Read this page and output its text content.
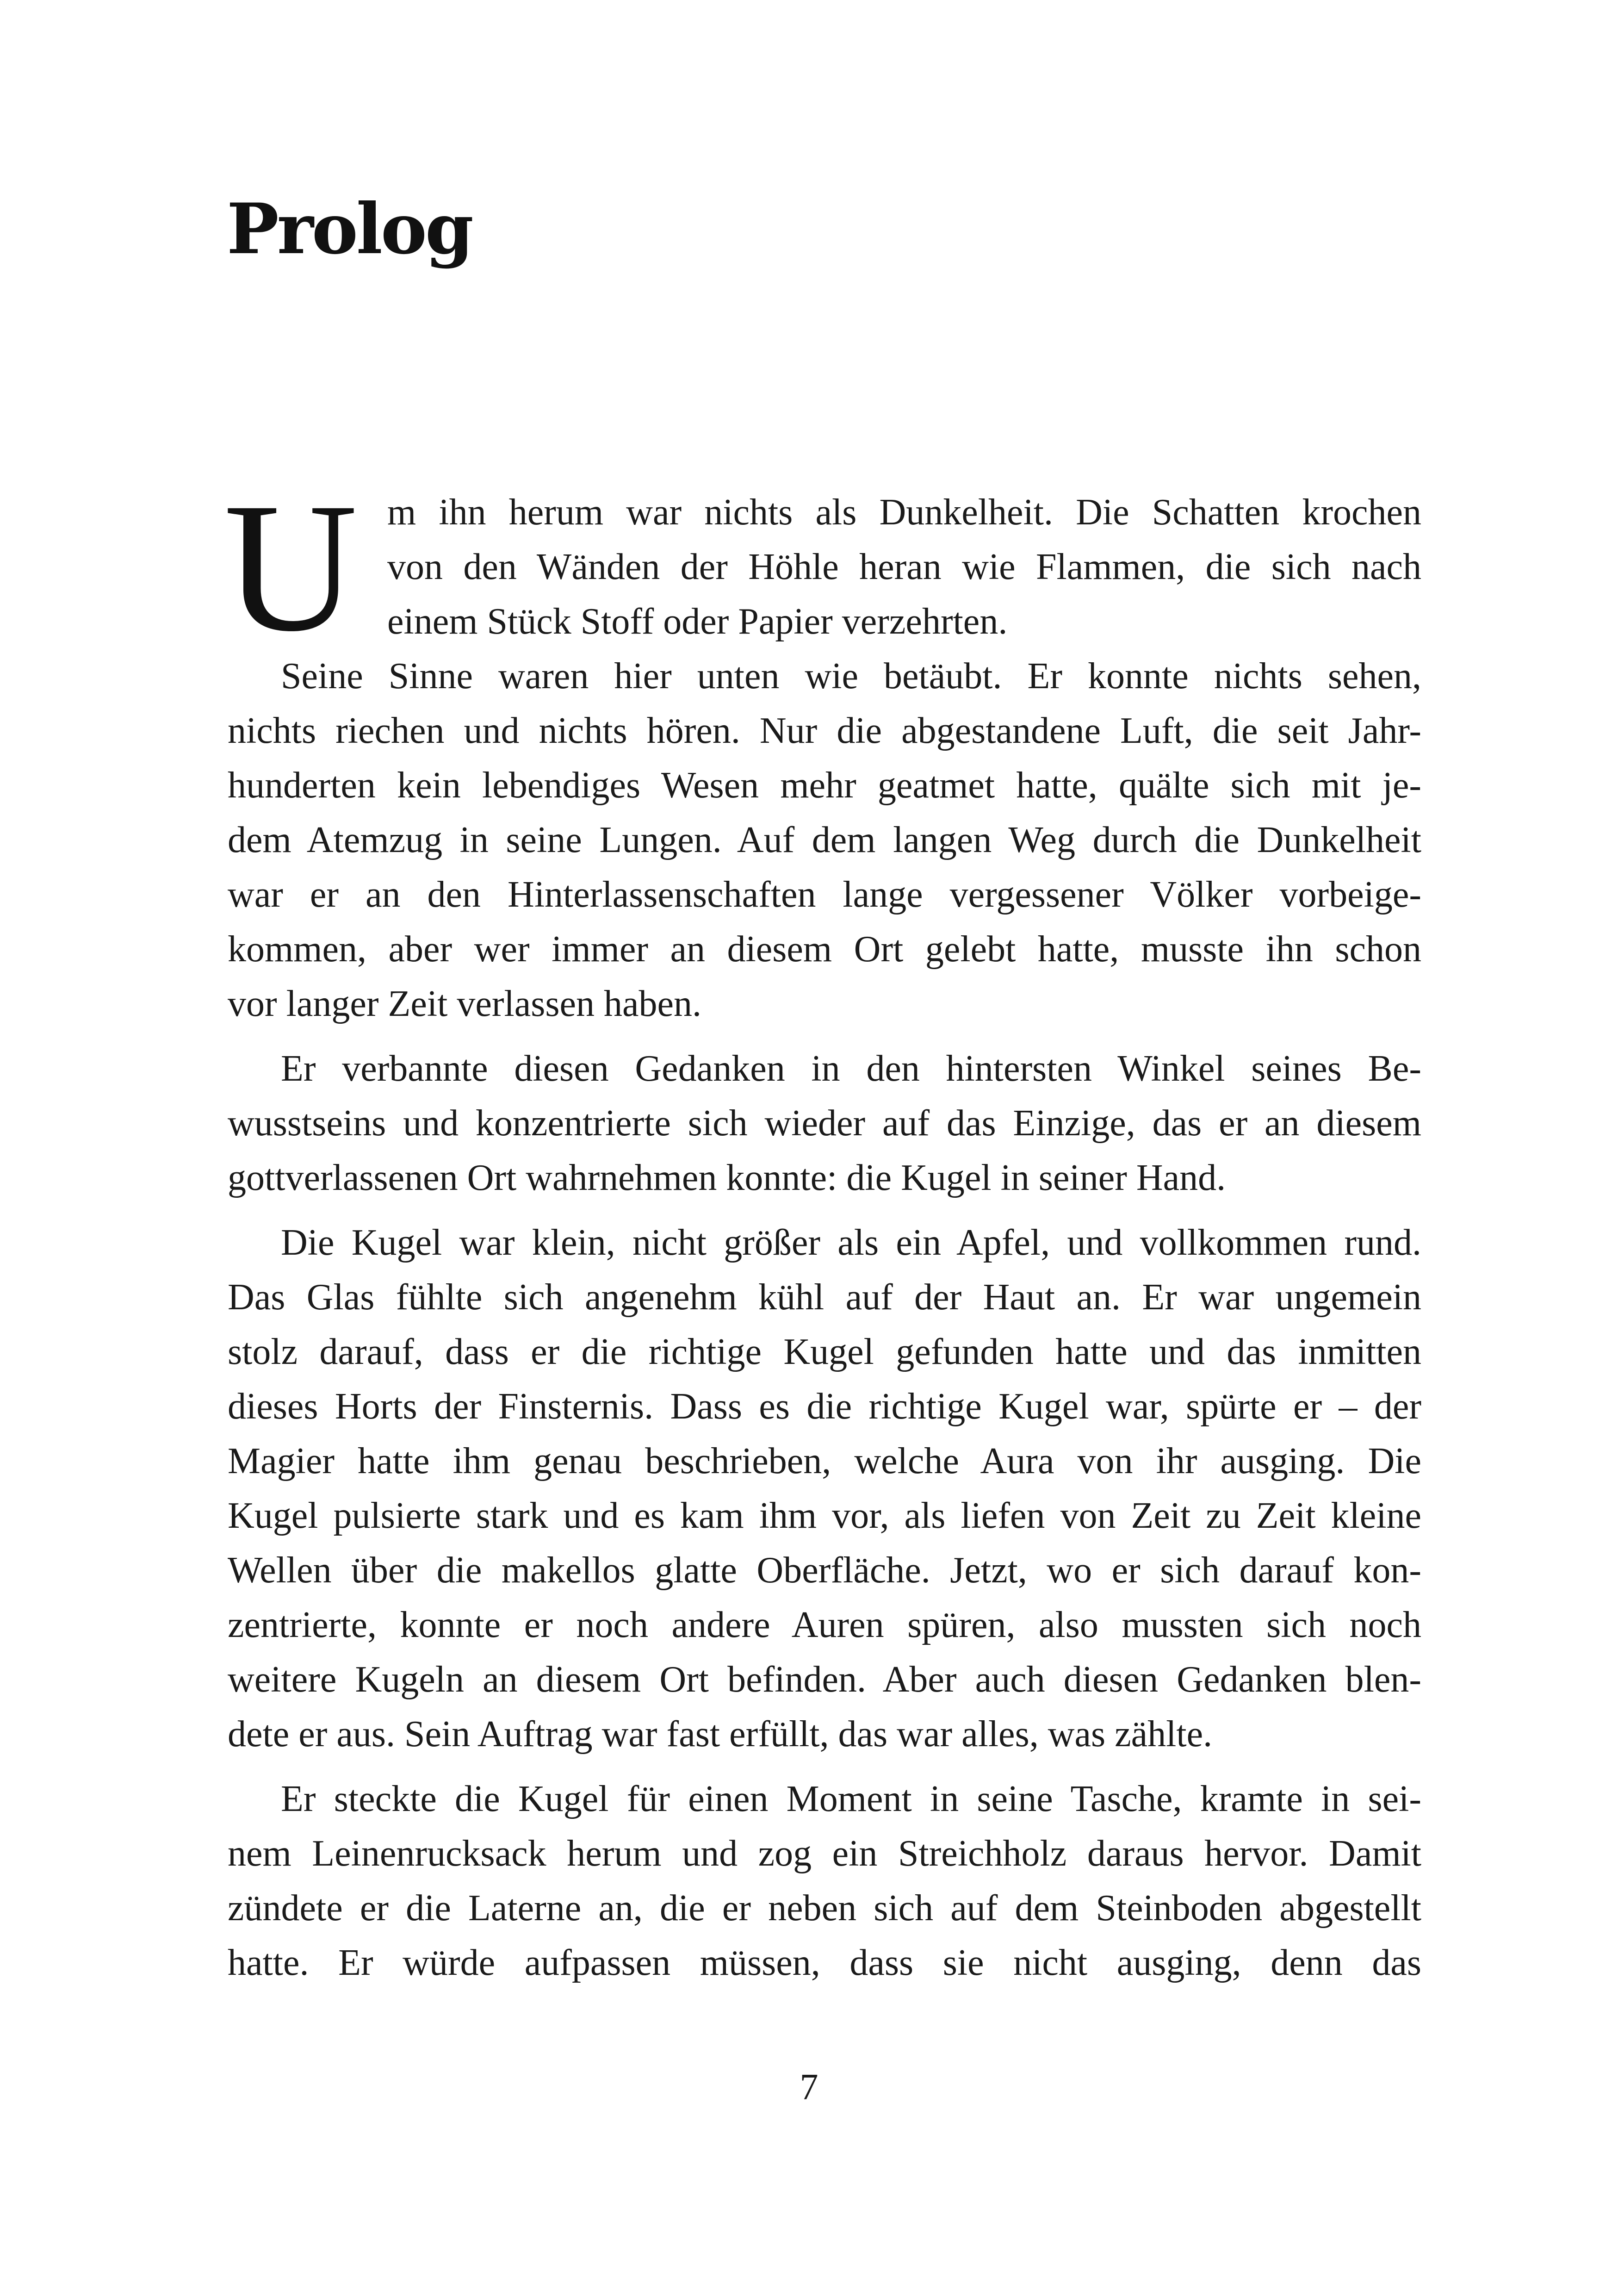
Prolog
U m ihn herum war nichts als Dunkelheit. Die Schatten krochen
von den Wänden der Höhle heran wie Flammen, die sich nach
einem Stück Stoff oder Papier verzehrten.
Seine Sinne waren hier unten wie betäubt. Er konnte nichts sehen,
nichts riechen und nichts hören. Nur die abgestandene Luft, die seit Jahr-
hunderten kein lebendiges Wesen mehr geatmet hatte, quälte sich mit je-
dem Atemzug in seine Lungen. Auf dem langen Weg durch die Dunkelheit
war er an den Hinterlassenschaften lange vergessener Völker vorbeige-
kommen, aber wer immer an diesem Ort gelebt hatte, musste ihn schon
vor langer Zeit verlassen haben.
Er verbannte diesen Gedanken in den hintersten Winkel seines Be-
wusstseins und konzentrierte sich wieder auf das Einzige, das er an diesem
gottverlassenen Ort wahrnehmen konnte: die Kugel in seiner Hand.
Die Kugel war klein, nicht größer als ein Apfel, und vollkommen rund.
Das Glas fühlte sich angenehm kühl auf der Haut an. Er war ungemein
stolz darauf, dass er die richtige Kugel gefunden hatte und das inmitten
dieses Horts der Finsternis. Dass es die richtige Kugel war, spürte er – der
Magier hatte ihm genau beschrieben, welche Aura von ihr ausging. Die
Kugel pulsierte stark und es kam ihm vor, als liefen von Zeit zu Zeit kleine
Wellen über die makellos glatte Oberfläche. Jetzt, wo er sich darauf kon-
zentrierte, konnte er noch andere Auren spüren, also mussten sich noch
weitere Kugeln an diesem Ort befinden. Aber auch diesen Gedanken blen-
dete er aus. Sein Auftrag war fast erfüllt, das war alles, was zählte.
Er steckte die Kugel für einen Moment in seine Tasche, kramte in sei-
nem Leinenrucksack herum und zog ein Streichholz daraus hervor. Damit
zündete er die Laterne an, die er neben sich auf dem Steinboden abgestellt
hatte. Er würde aufpassen müssen, dass sie nicht ausging, denn das
7
